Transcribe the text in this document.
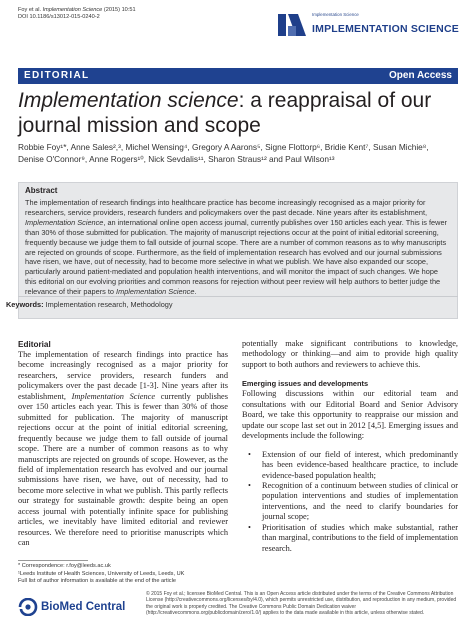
Foy et al. Implementation Science (2015) 10:51
DOI 10.1186/s13012-015-0240-2	Implementation Science
IMPLEMENTATION SCIENCE
EDITORIAL	Open Access
Implementation science: a reappraisal of our journal mission and scope
Robbie Foy¹*, Anne Sales²,³, Michel Wensing⁴, Gregory A Aarons⁵, Signe Flottorp⁶, Bridie Kent⁷, Susan Michie⁸, Denise O'Connor⁹, Anne Rogers¹⁰, Nick Sevdalis¹¹, Sharon Straus¹² and Paul Wilson¹³
Abstract
The implementation of research findings into healthcare practice has become increasingly recognised as a major priority for researchers, service providers, research funders and policymakers over the past decade. Nine years after its establishment, Implementation Science, an international online open access journal, currently publishes over 150 articles each year. This is fewer than 30% of those submitted for publication. The majority of manuscript rejections occur at the point of initial editorial screening, frequently because we judge them to fall outside of journal scope. There are a number of common reasons as to why manuscripts are rejected on grounds of scope. Furthermore, as the field of implementation research has evolved and our journal submissions have risen, we have, out of necessity, had to become more selective in what we publish. We have also expanded our scope, particularly around patient-mediated and population health interventions, and will monitor the impact of such changes. We hope this editorial on our evolving priorities and common reasons for rejection without peer review will help authors to better judge the relevance of their papers to Implementation Science.
Keywords: Implementation research, Methodology
Editorial
The implementation of research findings into practice has become increasingly recognised as a major priority for researchers, service providers, research funders and policymakers over the past decade [1-3]. Nine years after its establishment, Implementation Science currently publishes over 150 articles each year. This is fewer than 30% of those submitted for publication. The majority of manuscript rejections occur at the point of initial editorial screening, frequently because we judge them to fall outside of journal scope. There are a number of common reasons as to why manuscripts are rejected on grounds of scope. However, as the field of implementation research has evolved and our journal submissions have risen, we have, out of necessity, had to become more selective in what we publish. This partly reflects our strategy for sustainable growth: despite being an open access journal with potentially infinite space for publishing articles, we inevitably have limited editorial and reviewer resources. We therefore need to prioritise manuscripts which can
potentially make significant contributions to knowledge, methodology or thinking—and aim to provide high quality support to both authors and reviewers to achieve this.
Emerging issues and developments
Following discussions within our editorial team and consultations with our Editorial Board and Senior Advisory Board, we take this opportunity to reappraise our mission and update our scope last set out in 2012 [4,5]. Emerging issues and developments include the following:
• Extension of our field of interest, which predominantly has been evidence-based healthcare practice, to include evidence-based population health;
• Recognition of a continuum between studies of clinical or population interventions and studies of implementation interventions, and the need to clarify boundaries for journal scope;
• Prioritisation of studies which make substantial, rather than marginal, contributions to the field of implementation research.
* Correspondence: r.foy@leeds.ac.uk
¹Leeds Institute of Health Sciences, University of Leeds, Leeds, UK
Full list of author information is available at the end of the article
BioMed Central
© 2015 Foy et al.; licensee BioMed Central. This is an Open Access article distributed under the terms of the Creative Commons Attribution License (http://creativecommons.org/licenses/by/4.0), which permits unrestricted use, distribution, and reproduction in any medium, provided the original work is properly credited. The Creative Commons Public Domain Dedication waiver (http://creativecommons.org/publicdomain/zero/1.0/) applies to the data made available in this article, unless otherwise stated.
